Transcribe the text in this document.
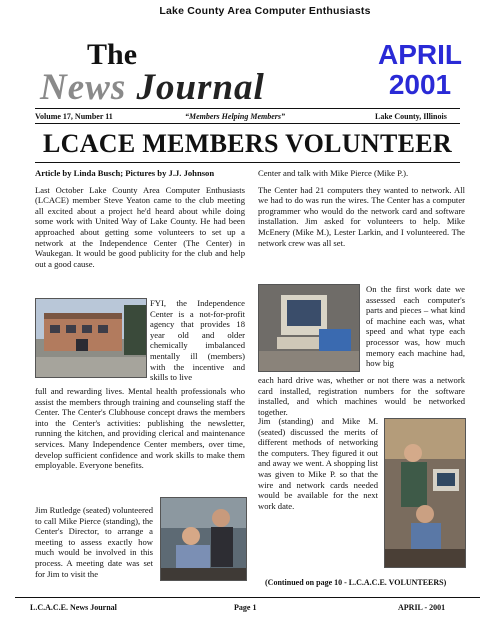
Lake County Area Computer Enthusiasts
The
News Journal
APRIL
2001
Volume 17, Number 11	“Members Helping Members”	Lake County, Illinois
LCACE MEMBERS VOLUNTEER

Article by Linda Busch; Pictures by J.J. Johnson

Last October Lake County Area Computer Enthusiasts (LCACE) member Steve Yeaton came to the club meeting all excited about a project he'd heard about while doing some work with United Way of Lake County. He had been approached about getting some volunteers to set up a network at the Independence Center (The Center) in Waukegan. It would be good publicity for the club and help out a good cause.

FYI, the Independence Center is a not-for-profit agency that provides 18 year old and older chemically imbalanced mentally ill (members) with the incentive and skills to live

full and rewarding lives. Mental health professionals who assist the members through training and counseling staff the Center. The Center's Clubhouse concept draws the members into the Center's activities: publishing the newsletter, running the kitchen, and providing clerical and maintenance services. Many Independence Center members, over time, develop sufficient confidence and work skills to make them employable. Everyone benefits.

Jim Rutledge (seated) volunteered to call Mike Pierce (standing), the Center's Director, to arrange a meeting to assess exactly how much would be involved in this process. A meeting date was set for Jim to visit the

Center and talk with Mike Pierce (Mike P.).

The Center had 21 computers they wanted to network. All we had to do was run the wires. The Center has a computer programmer who would do the network card and software installation. Jim asked for volunteers to help. Mike McEnery (Mike M.), Lester Larkin, and I volunteered. The network crew was all set.

On the first work date we assessed each computer's parts and pieces – what kind of machine each was, what speed and what type each processor was, how much memory each machine had, how big

each hard drive was, whether or not there was a network card installed, registration numbers for the software installed, and which machines would be networked together.

Jim (standing) and Mike M. (seated) discussed the merits of different methods of networking the computers. They figured it out and away we went. A shopping list was given to Mike P. so that the wire and network cards needed would be available for the next work date.

(Continued on page 10 - L.C.A.C.E. VOLUNTEERS)
L.C.A.C.E. News Journal	Page 1	APRIL - 2001
